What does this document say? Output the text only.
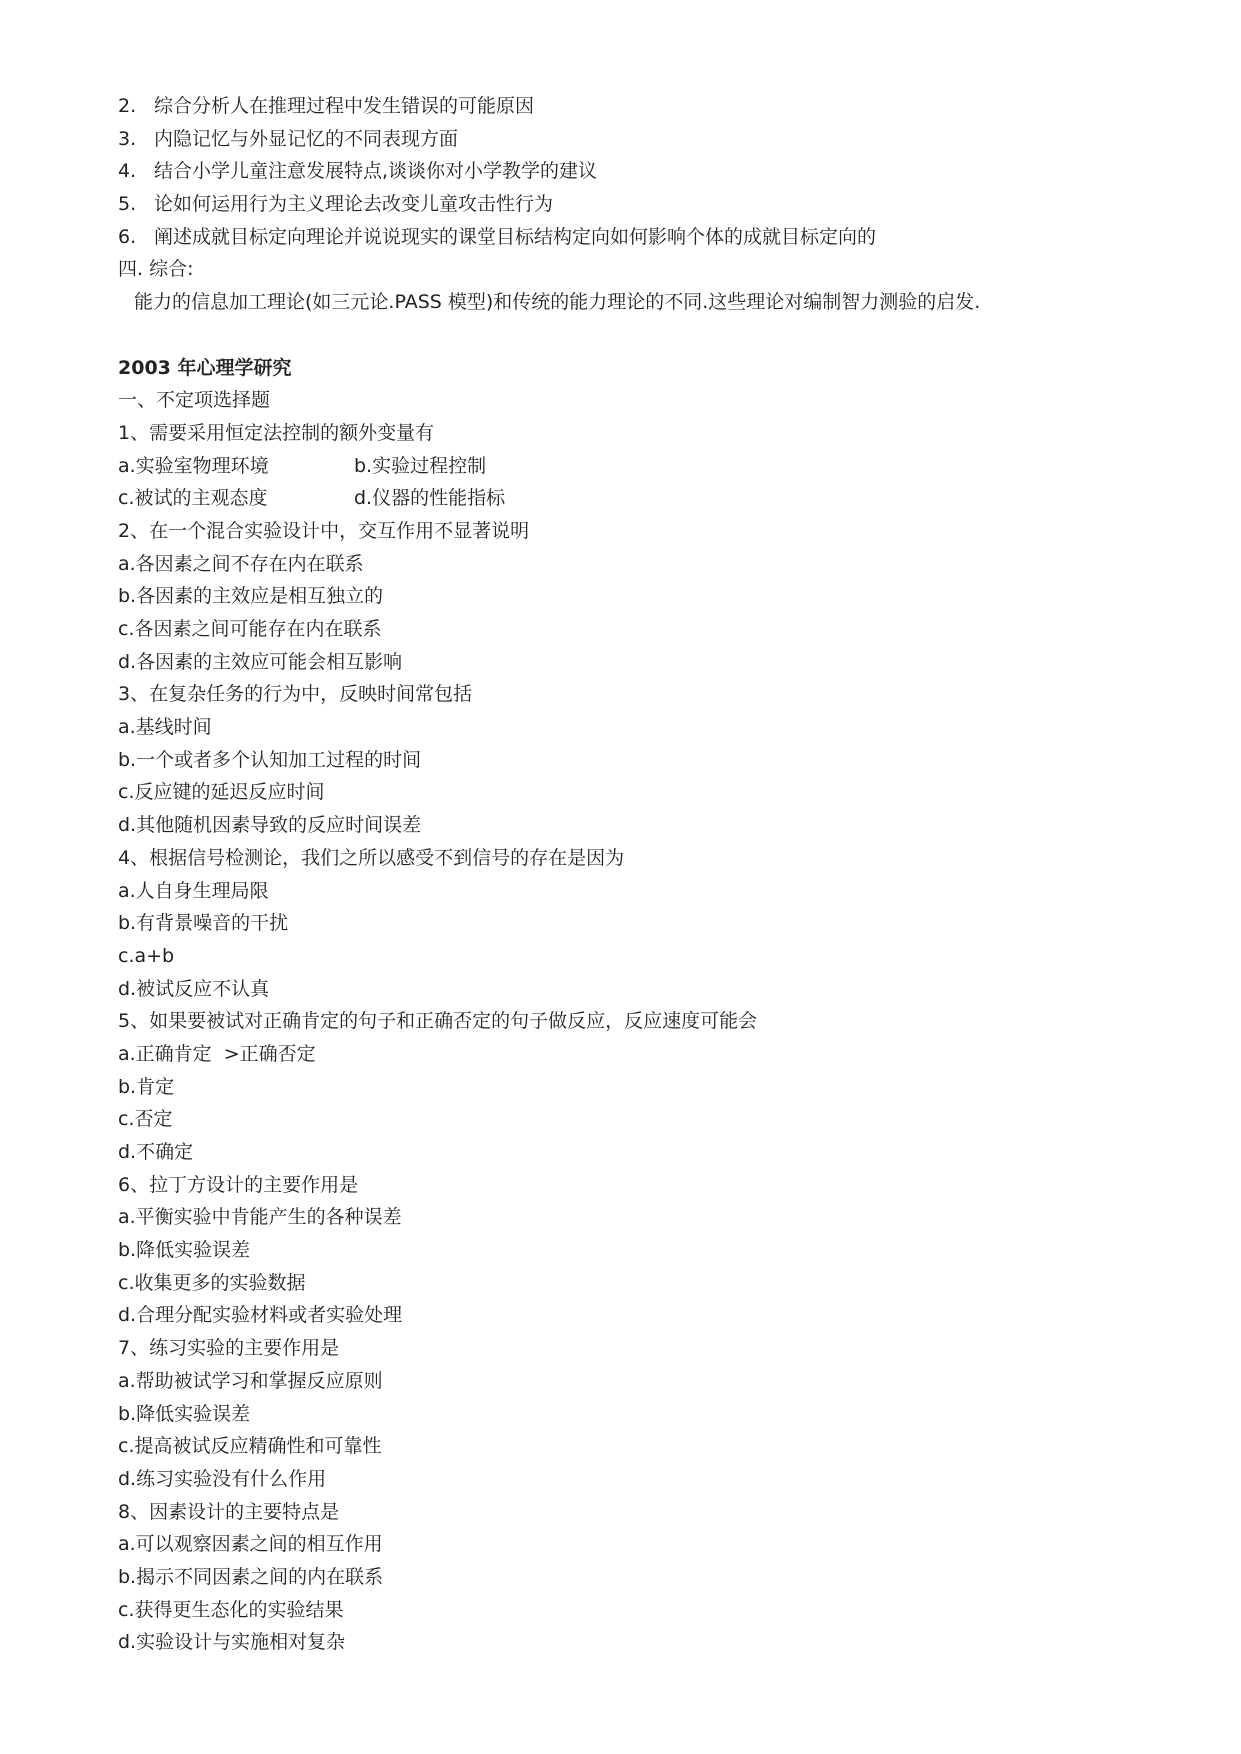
2. 综合分析人在推理过程中发生错误的可能原因
3. 内隐记忆与外显记忆的不同表现方面
4. 结合小学儿童注意发展特点,谈谈你对小学教学的建议
5. 论如何运用行为主义理论去改变儿童攻击性行为
6. 阐述成就目标定向理论并说说现实的课堂目标结构定向如何影响个体的成就目标定向的
四. 综合:
能力的信息加工理论(如三元论.PASS 模型)和传统的能力理论的不同.这些理论对编制智力测验的启发.
2003 年心理学研究
一、不定项选择题
1、需要采用恒定法控制的额外变量有
a.实验室物理环境	b.实验过程控制
c.被试的主观态度	d.仪器的性能指标
2、在一个混合实验设计中，交互作用不显著说明
a.各因素之间不存在内在联系
b.各因素的主效应是相互独立的
c.各因素之间可能存在内在联系
d.各因素的主效应可能会相互影响
3、在复杂任务的行为中，反映时间常包括
a.基线时间
b.一个或者多个认知加工过程的时间
c.反应键的延迟反应时间
d.其他随机因素导致的反应时间误差
4、根据信号检测论，我们之所以感受不到信号的存在是因为
a.人自身生理局限
b.有背景噪音的干扰
c.a+b
d.被试反应不认真
5、如果要被试对正确肯定的句子和正确否定的句子做反应，反应速度可能会
a.正确肯定  >正确否定
b.肯定
c.否定
d.不确定
6、拉丁方设计的主要作用是
a.平衡实验中肯能产生的各种误差
b.降低实验误差
c.收集更多的实验数据
d.合理分配实验材料或者实验处理
7、练习实验的主要作用是
a.帮助被试学习和掌握反应原则
b.降低实验误差
c.提高被试反应精确性和可靠性
d.练习实验没有什么作用
8、因素设计的主要特点是
a.可以观察因素之间的相互作用
b.揭示不同因素之间的内在联系
c.获得更生态化的实验结果
d.实验设计与实施相对复杂
